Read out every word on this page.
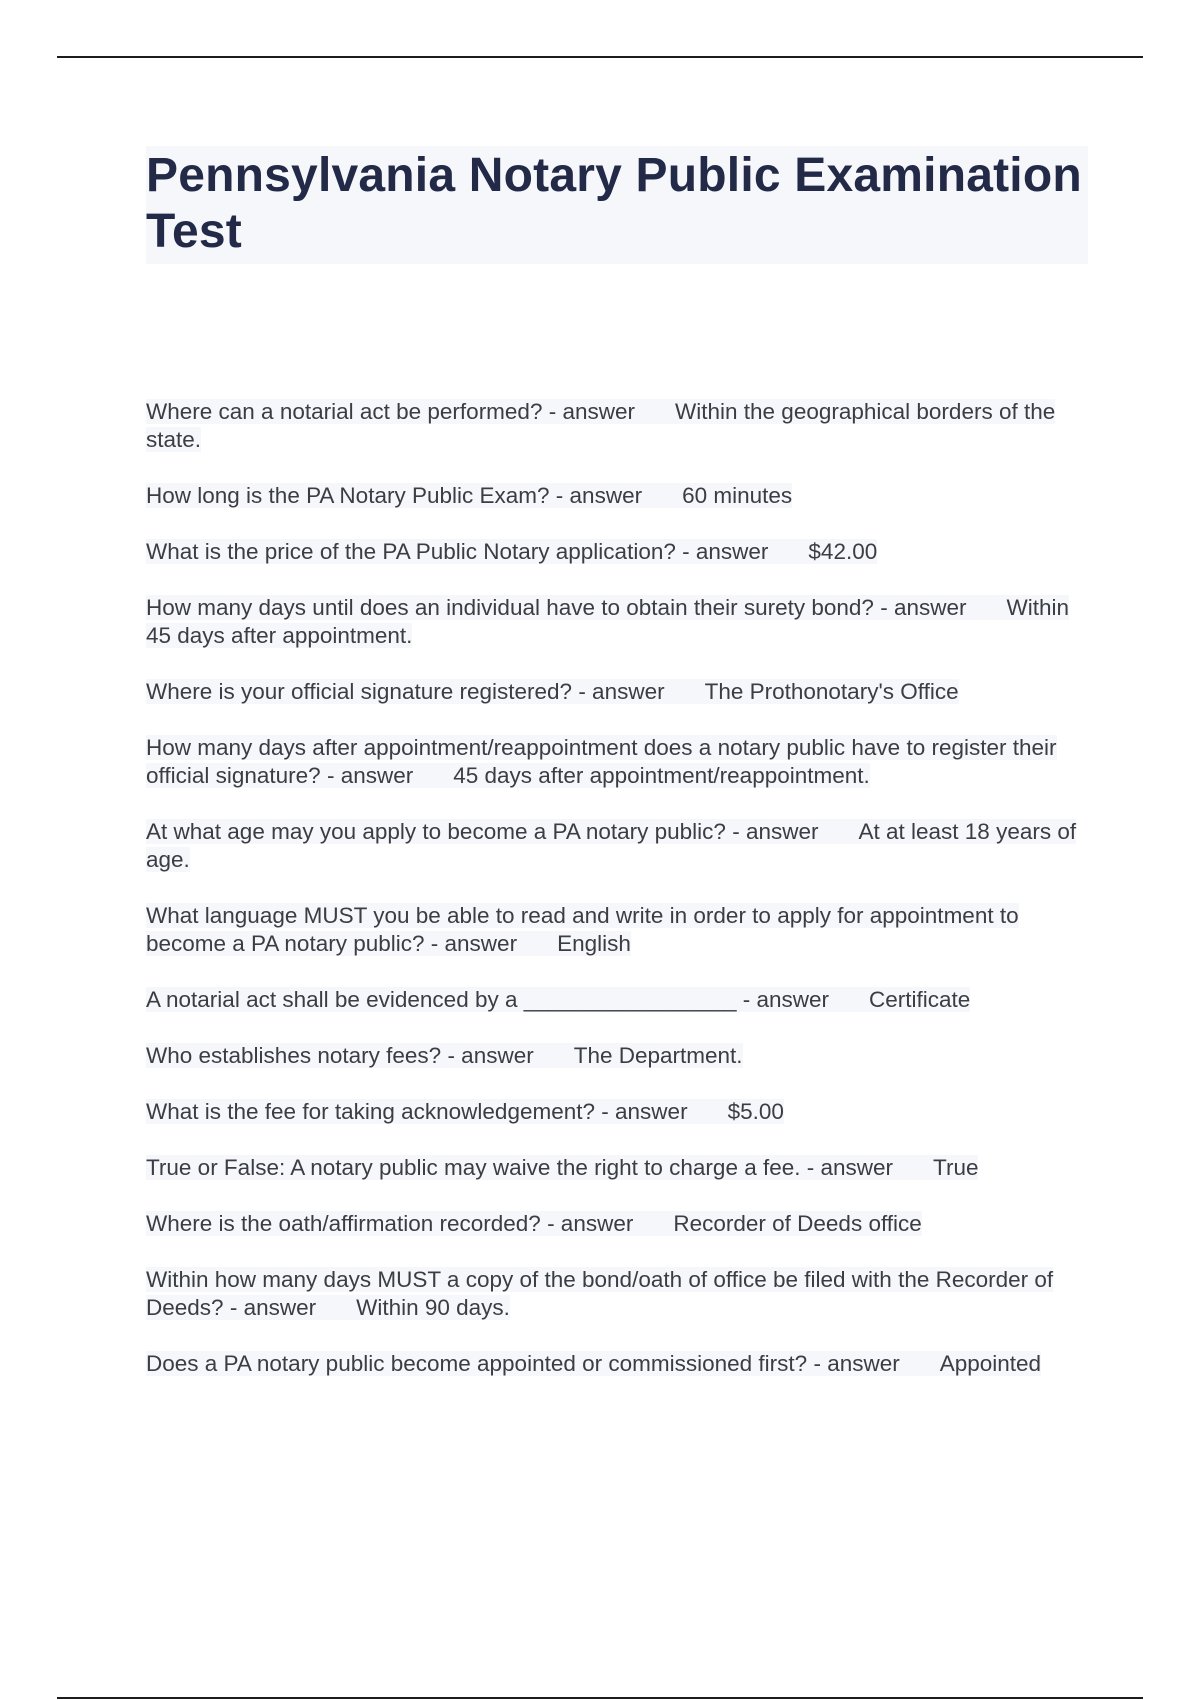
Pennsylvania Notary Public Examination Test
Where can a notarial act be performed? - answer Within the geographical borders of the state.
How long is the PA Notary Public Exam? - answer 60 minutes
What is the price of the PA Public Notary application? - answer $42.00
How many days until does an individual have to obtain their surety bond? - answer Within 45 days after appointment.
Where is your official signature registered? - answer The Prothonotary's Office
How many days after appointment/reappointment does a notary public have to register their official signature? - answer 45 days after appointment/reappointment.
At what age may you apply to become a PA notary public? - answer At at least 18 years of age.
What language MUST you be able to read and write in order to apply for appointment to become a PA notary public? - answer English
A notarial act shall be evidenced by a _________________ - answer Certificate
Who establishes notary fees? - answer The Department.
What is the fee for taking acknowledgement? - answer $5.00
True or False: A notary public may waive the right to charge a fee. - answer True
Where is the oath/affirmation recorded? - answer Recorder of Deeds office
Within how many days MUST a copy of the bond/oath of office be filed with the Recorder of Deeds? - answer Within 90 days.
Does a PA notary public become appointed or commissioned first? - answer Appointed
